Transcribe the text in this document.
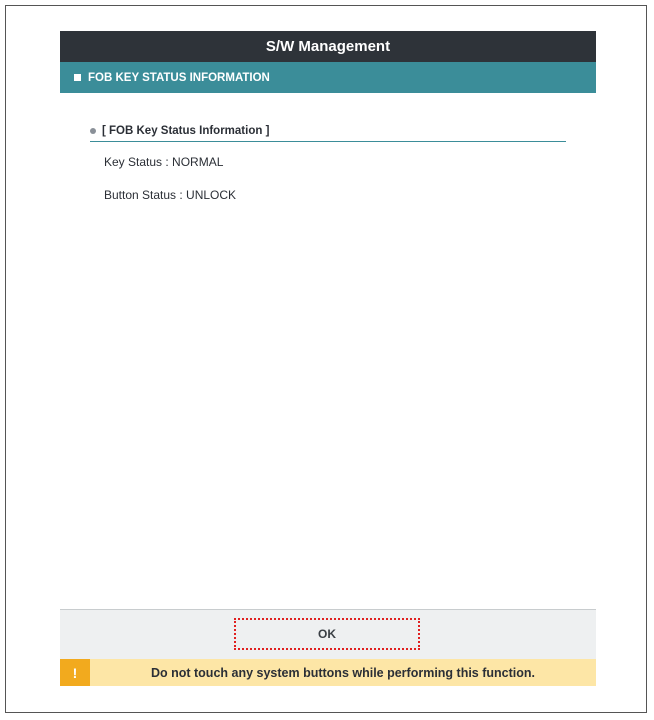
S/W Management
FOB KEY STATUS INFORMATION
[ FOB Key Status Information ]
Key Status : NORMAL
Button Status : UNLOCK
OK
!	Do not touch any system buttons while performing this function.
